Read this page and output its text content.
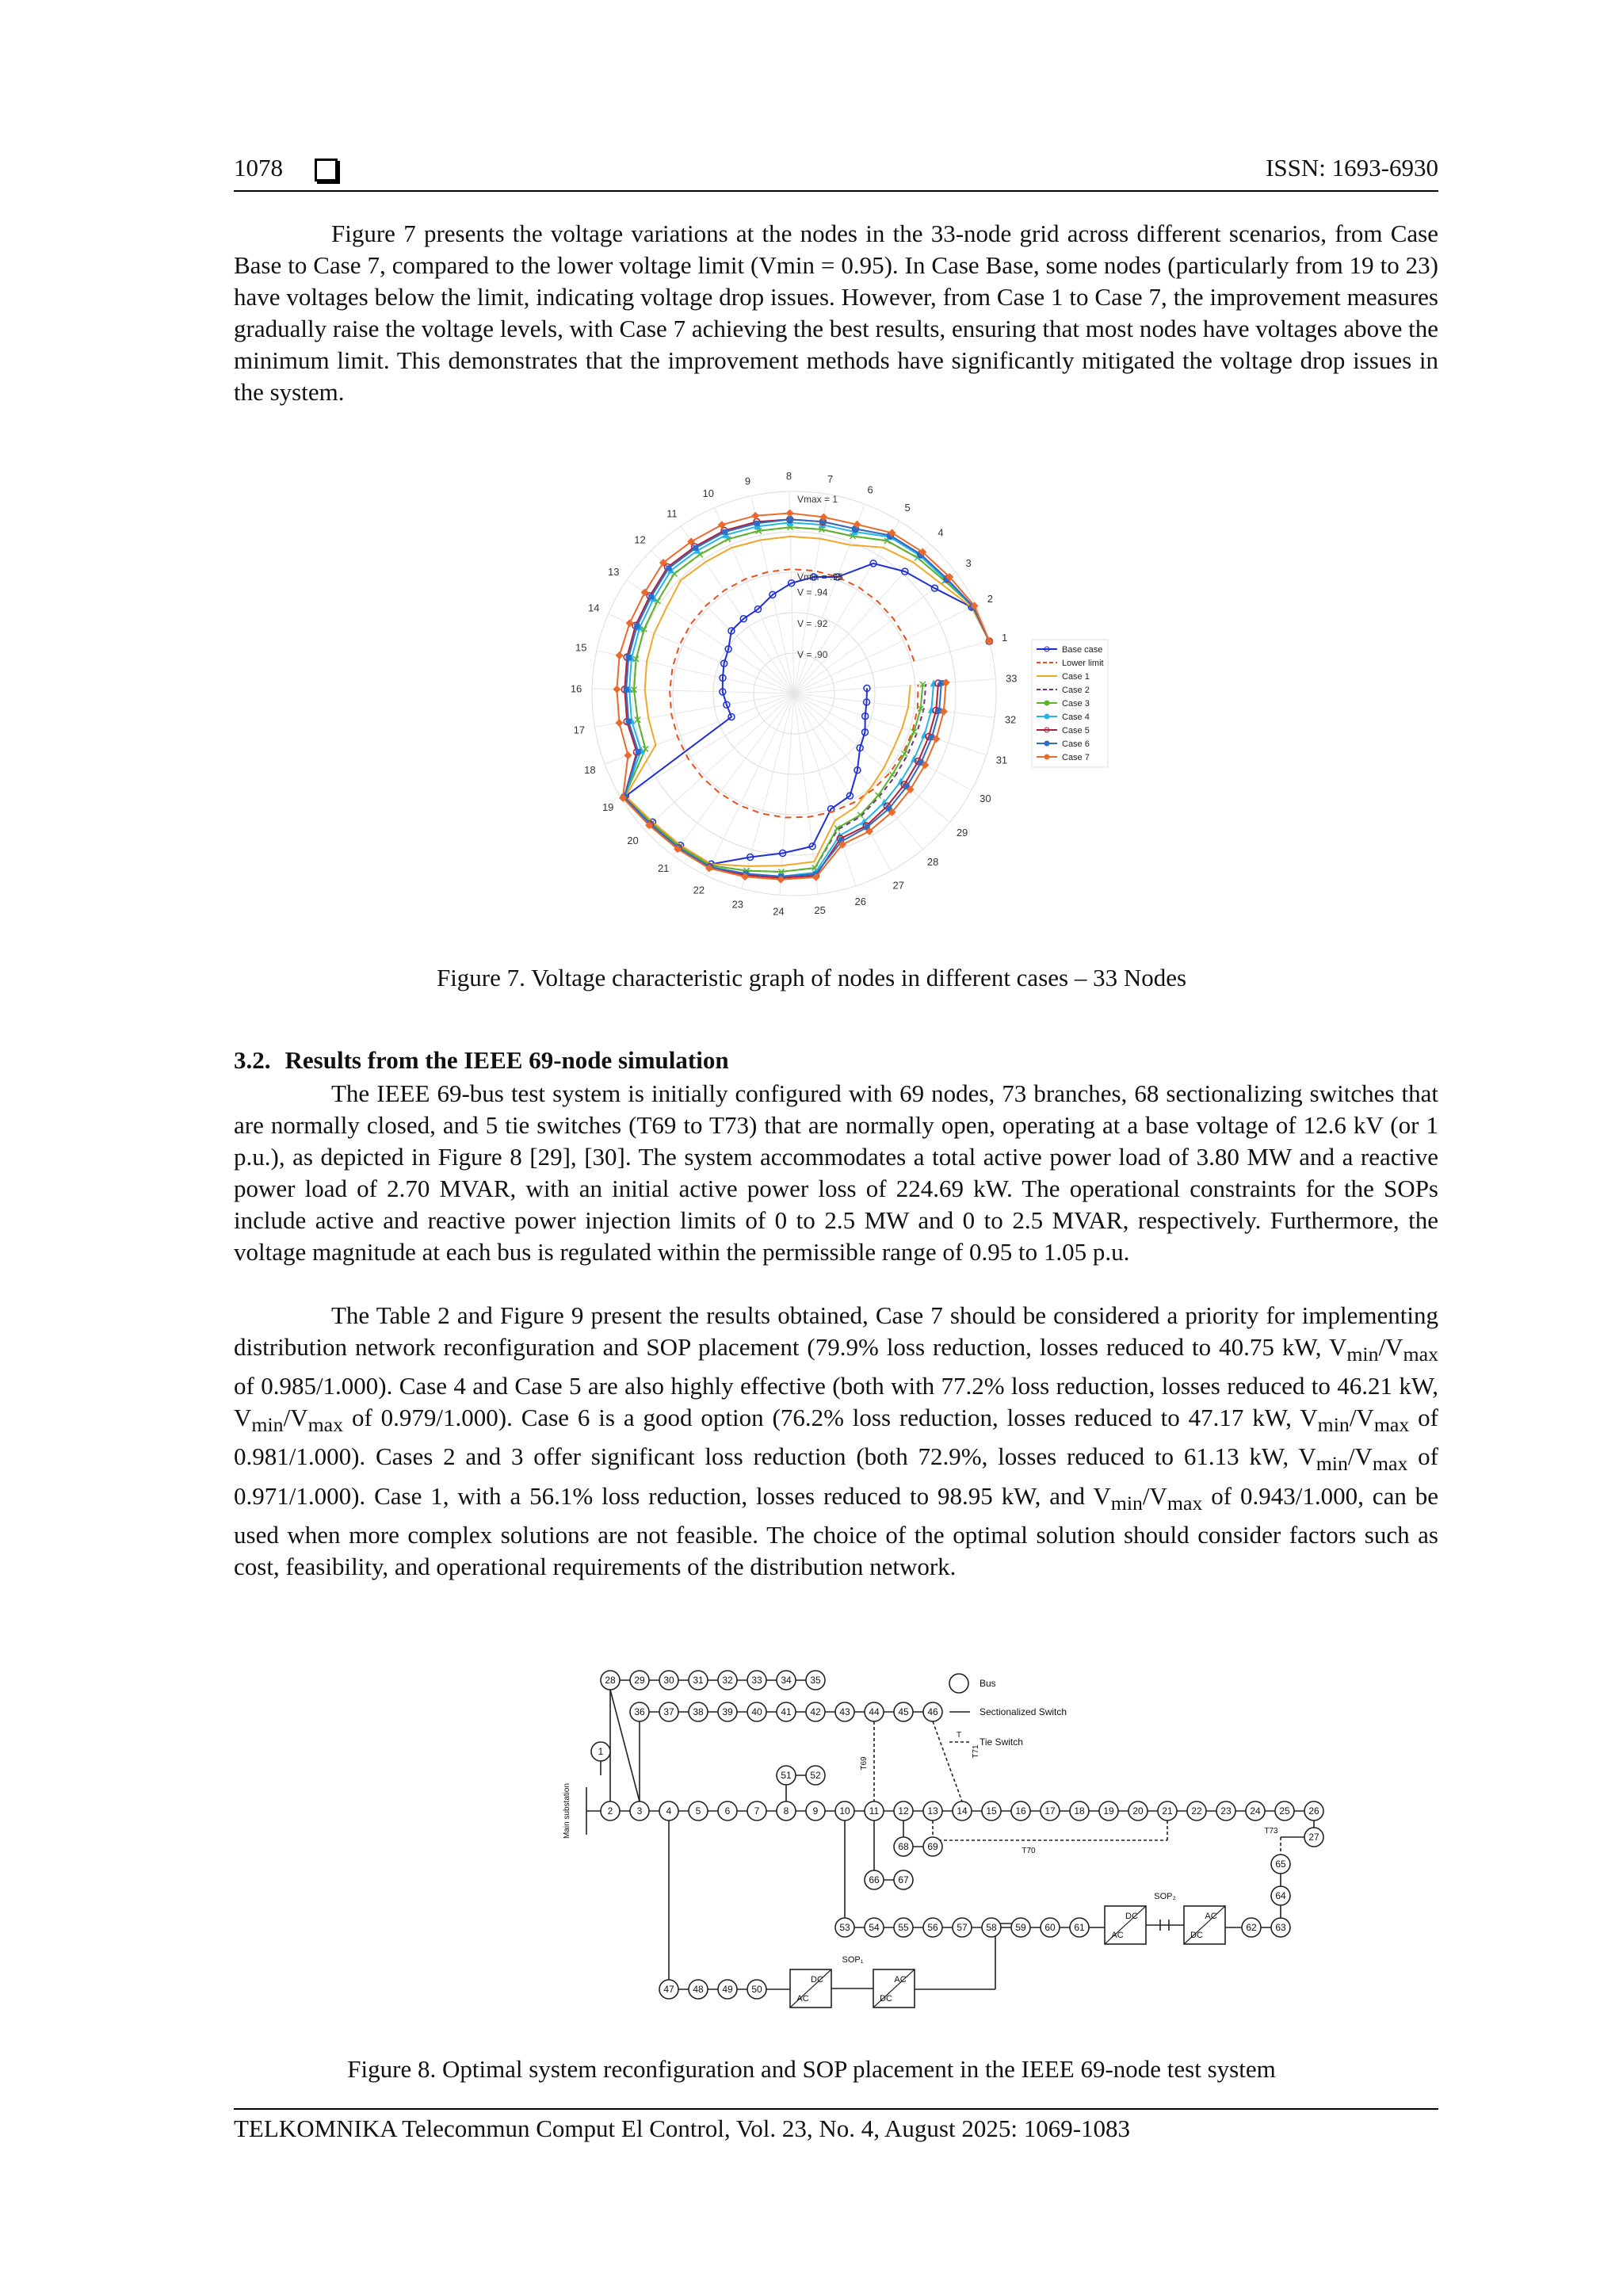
1078	ISSN: 1693-6930

Figure 7 presents the voltage variations at the nodes in the 33-node grid across different scenarios, from Case Base to Case 7, compared to the lower voltage limit (Vmin = 0.95). In Case Base, some nodes (particularly from 19 to 23) have voltages below the limit, indicating voltage drop issues. However, from Case 1 to Case 7, the improvement measures gradually raise the voltage levels, with Case 7 achieving the best results, ensuring that most nodes have voltages above the minimum limit. This demonstrates that the improvement methods have significantly mitigated the voltage drop issues in the system.

1
2
3
4
5
6
7
8
9
10
11
12
13
14
15
16
17
18
19
20
21
22
23
24	25
26
27
28
29
30
31
32
33
Vmax = 1
Vmin = .95
V = .94
V = .92
V = .90	Base case
Lower limit
Case 1
Case 2
Case 3
Case 4
Case 5
Case 6
Case 7
Figure 7. Voltage characteristic graph of nodes in different cases – 33 Nodes
3.2. Results from the IEEE 69-node simulation

The IEEE 69-bus test system is initially configured with 69 nodes, 73 branches, 68 sectionalizing switches that are normally closed, and 5 tie switches (T69 to T73) that are normally open, operating at a base voltage of 12.6 kV (or 1 p.u.), as depicted in Figure 8 [29], [30]. The system accommodates a total active power load of 3.80 MW and a reactive power load of 2.70 MVAR, with an initial active power loss of 224.69 kW. The operational constraints for the SOPs include active and reactive power injection limits of 0 to 2.5 MW and 0 to 2.5 MVAR, respectively. Furthermore, the voltage magnitude at each bus is regulated within the permissible range of 0.95 to 1.05 p.u.

The Table 2 and Figure 9 present the results obtained, Case 7 should be considered a priority for implementing distribution network reconfiguration and SOP placement (79.9% loss reduction, losses reduced to 40.75 kW, $V_{min}/V_{max}$ of 0.985/1.000). Case 4 and Case 5 are also highly effective (both with 77.2% loss reduction, losses reduced to 46.21 kW, $V_{min}/V_{max}$ of 0.979/1.000). Case 6 is a good option (76.2% loss reduction, losses reduced to 47.17 kW, $V_{min}/V_{max}$ of 0.981/1.000). Cases 2 and 3 offer significant loss reduction (both 72.9%, losses reduced to 61.13 kW, $V_{min}/V_{max}$ of 0.971/1.000). Case 1, with a 56.1% loss reduction, losses reduced to 98.95 kW, and $V_{min}/V_{max}$ of 0.943/1.000, can be used when more complex solutions are not feasible. The choice of the optimal solution should consider factors such as cost, feasibility, and operational requirements of the distribution network.

2	3	4	5	6	7	8	9 10 11 12 13 14 15 16 17 18 19 20 21 22 23 24 25 26
1
28 29 30 31 32 33 34 35
36 37 38 39 40 41 42 43 44 45 46
51 52
68 69
66 67
27
65
64
63
62
53 54 55 56 57 58 59 60 61
47 48 49 50
Main substation
T69
T71
T70
T73
DC
AC
AC
DC
SOP₂
DC
AC
AC
DC
SOP₁
Bus
Sectionalized Switch
T
Tie Switch
Figure 8. Optimal system reconfiguration and SOP placement in the IEEE 69-node test system
TELKOMNIKA Telecommun Comput El Control, Vol. 23, No. 4, August 2025: 1069-1083
